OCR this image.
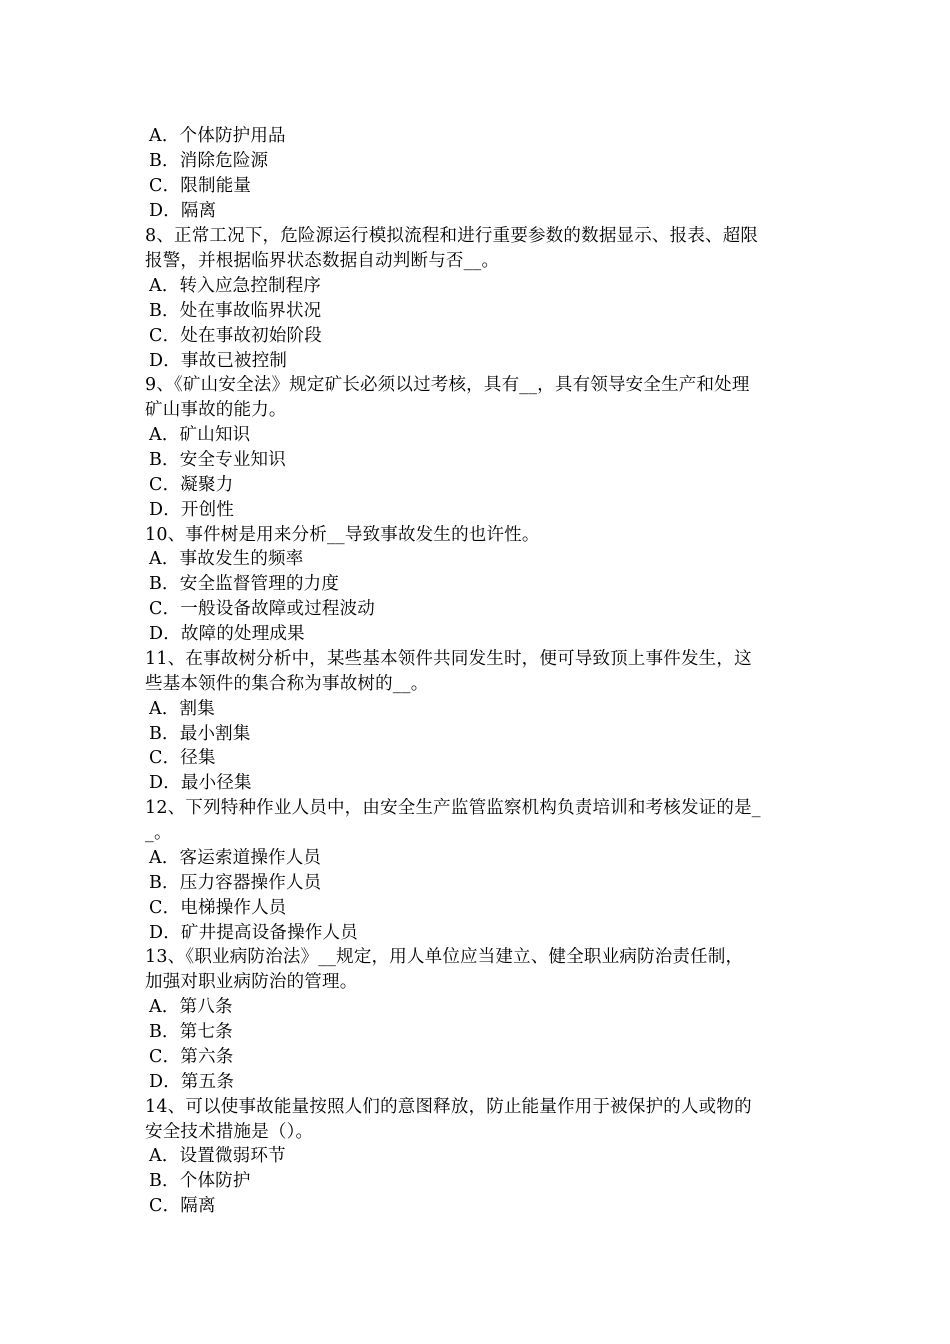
A．个体防护用品
B．消除危险源
C．限制能量
D．隔离
8、正常工况下，危险源运行模拟流程和进行重要参数的数据显示、报表、超限
报警，并根据临界状态数据自动判断与否__。
A．转入应急控制程序
B．处在事故临界状况
C．处在事故初始阶段
D．事故已被控制
9、《矿山安全法》规定矿长必须以过考核，具有__，具有领导安全生产和处理
矿山事故的能力。
A．矿山知识
B．安全专业知识
C．凝聚力
D．开创性
10、事件树是用来分析__导致事故发生的也许性。
A．事故发生的频率
B．安全监督管理的力度
C．一般设备故障或过程波动
D．故障的处理成果
11、在事故树分析中，某些基本领件共同发生时，便可导致顶上事件发生，这
些基本领件的集合称为事故树的__。
A．割集
B．最小割集
C．径集
D．最小径集
12、下列特种作业人员中，由安全生产监管监察机构负责培训和考核发证的是_
_。
A．客运索道操作人员
B．压力容器操作人员
C．电梯操作人员
D．矿井提高设备操作人员
13、《职业病防治法》__规定，用人单位应当建立、健全职业病防治责任制，
加强对职业病防治的管理。
A．第八条
B．第七条
C．第六条
D．第五条
14、可以使事故能量按照人们的意图释放，防止能量作用于被保护的人或物的
安全技术措施是（）。
A．设置微弱环节
B．个体防护
C．隔离
